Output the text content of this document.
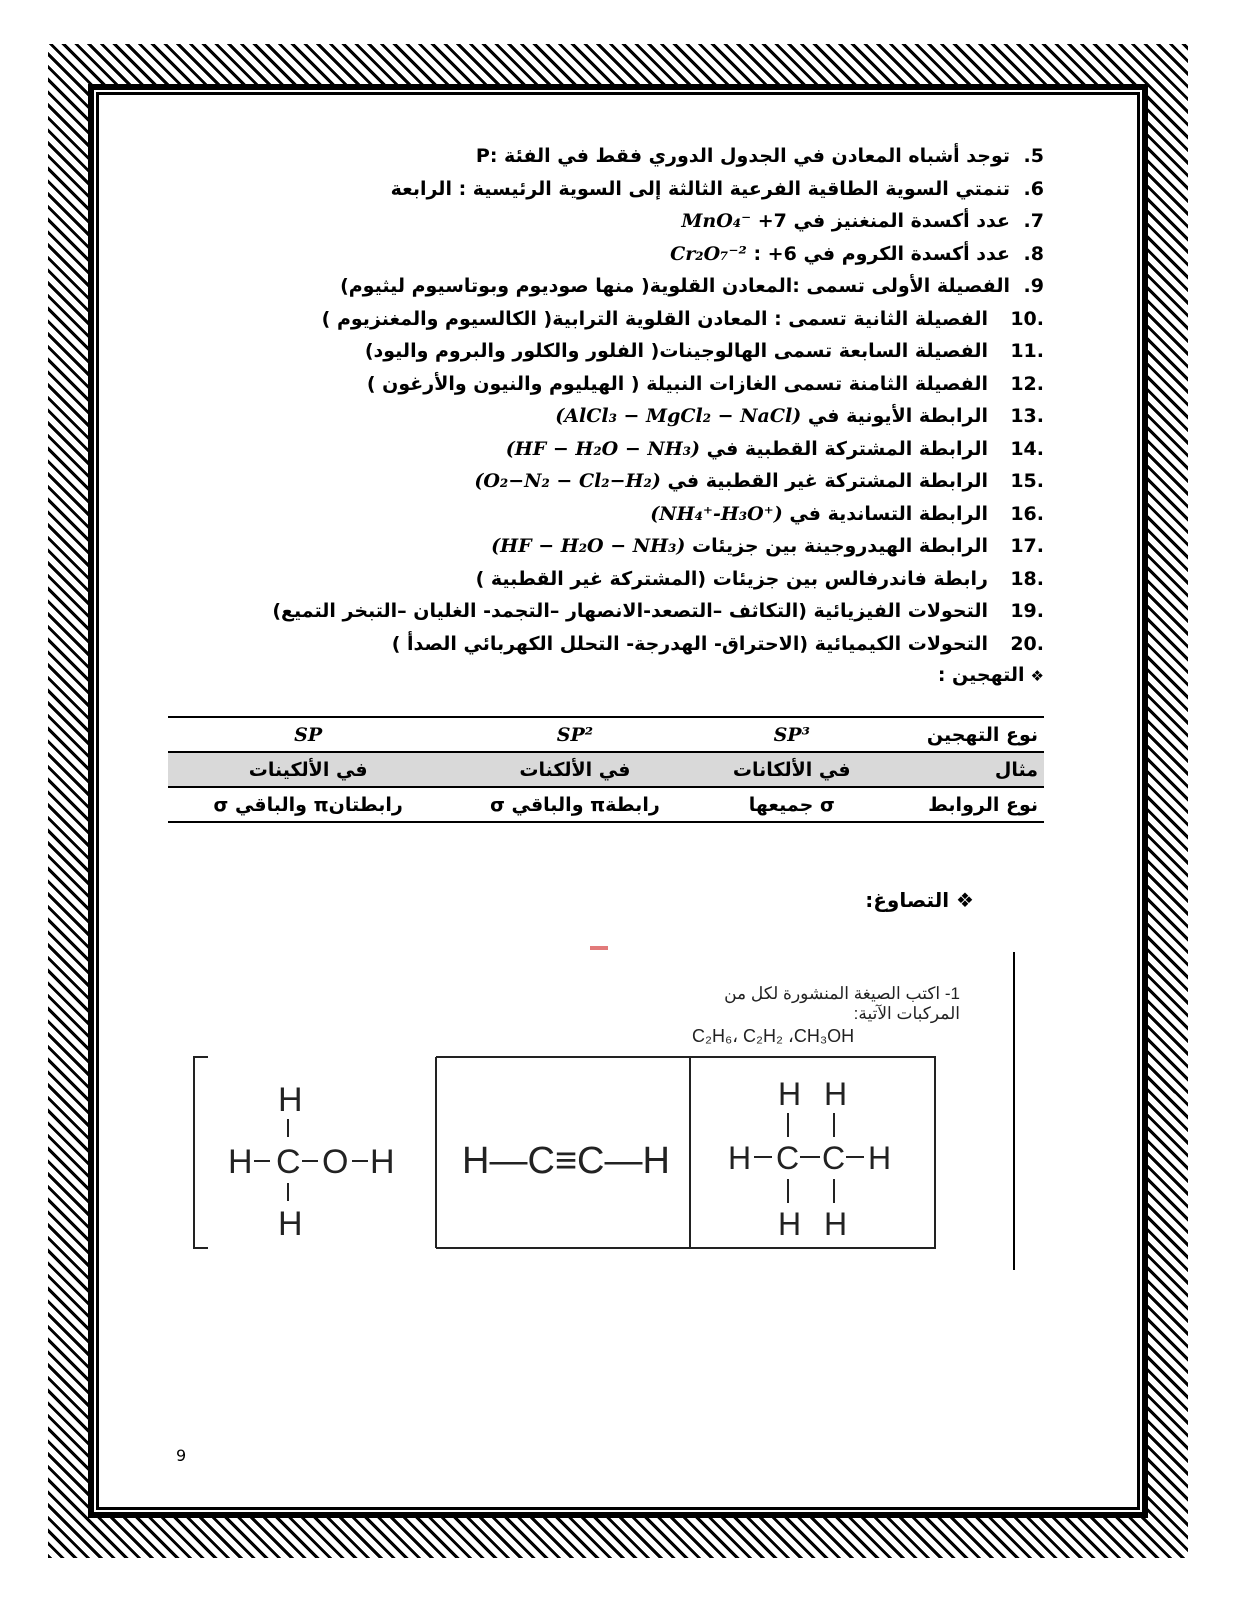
5.توجد أشباه المعادن في الجدول الدوري فقط في الفئة :P
6.تنمتي السوية الطاقية الفرعية الثالثة إلى السوية الرئيسية : الرابعة
7.عدد أكسدة المنغنيز في MnO₄⁻ +7
8.عدد أكسدة الكروم في Cr₂O₇⁻² : +6
9.الفصيلة الأولى تسمى :المعادن القلوية( منها صوديوم وبوتاسيوم ليثيوم)
.10الفصيلة الثانية تسمى : المعادن القلوية الترابية( الكالسيوم والمغنزيوم )
.11الفصيلة السابعة تسمى الهالوجينات( الفلور والكلور والبروم واليود)
.12الفصيلة الثامنة تسمى الغازات النبيلة ( الهيليوم والنيون والأرغون )
.13الرابطة الأيونية في (AlCl₃ − MgCl₂ − NaCl)
.14الرابطة المشتركة القطبية في (HF − H₂O − NH₃)
.15الرابطة المشتركة غير القطبية في (O₂−N₂ − Cl₂−H₂)
.16الرابطة التساندية في (NH₄⁺-H₃O⁺)
.17الرابطة الهيدروجينة بين جزيئات (HF − H₂O − NH₃)
.18رابطة فاندرفالس بين جزيئات (المشتركة غير القطبية )
.19التحولات الفيزيائية (التكاثف –التصعد-الانصهار –التجمد- الغليان –التبخر التميع)
.20التحولات الكيميائية (الاحتراق- الهدرجة- التحلل الكهربائي الصدأ )
❖التهجين :
نوع التهجين	SP³	SP²	SP
مثال	في الألكانات	في الألكنات	في الألكينات
نوع الروابط	σ جميعها	رابطةπ والباقي σ	رابطتانπ والباقي σ
❖ التصاوغ:
1- اكتب الصيغة المنشورة لكل من المركبات الآتية:
C₂H₆، C₂H₂ ،CH₃OH
H
H C O H
H
H—C≡C—H
H H
H C C H
H H
9
